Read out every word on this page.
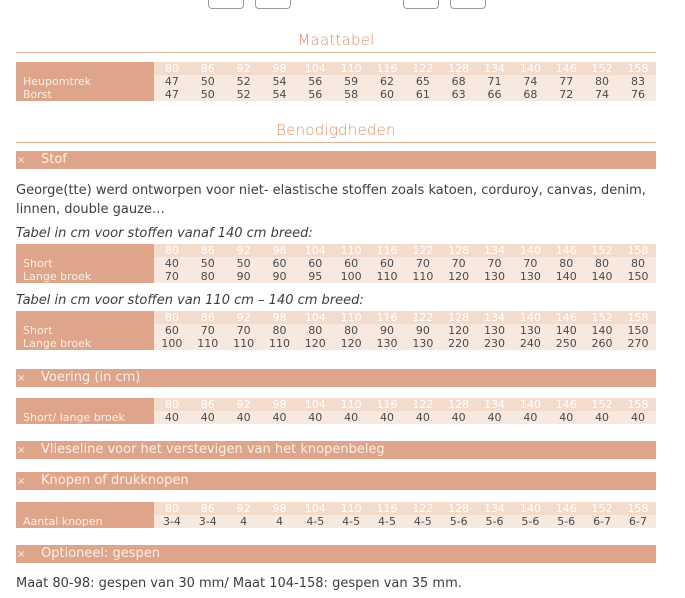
Maattabel
	80	86	92	98	104	110	116	122	128	134	140	146	152	158
Heupomtrek	47	50	52	54	56	59	62	65	68	71	74	77	80	83
Borst	47	50	52	54	56	58	60	61	63	66	68	72	74	76
Benodigdheden
× Stof
George(tte) werd ontworpen voor niet- elastische stoffen zoals katoen, corduroy, canvas, denim, linnen, double gauze…
Tabel in cm voor stoffen vanaf 140 cm breed:
	80	86	92	98	104	110	116	122	128	134	140	146	152	158
Short	40	50	50	60	60	60	60	70	70	70	70	80	80	80
Lange broek	70	80	90	90	95	100	110	110	120	130	130	140	140	150
Tabel in cm voor stoffen van 110 cm – 140 cm breed:
	80	86	92	98	104	110	116	122	128	134	140	146	152	158
Short	60	70	70	80	80	80	90	90	120	130	130	140	140	150
Lange broek	100	110	110	110	120	120	130	130	220	230	240	250	260	270
× Voering (in cm)
	80	86	92	98	104	110	116	122	128	134	140	146	152	158
Short/ lange broek	40	40	40	40	40	40	40	40	40	40	40	40	40	40
× Vlieseline voor het verstevigen van het knopenbeleg
× Knopen of drukknopen
	80	86	92	98	104	110	116	122	128	134	140	146	152	158
Aantal knopen	3-4	3-4	4	4	4-5	4-5	4-5	4-5	5-6	5-6	5-6	5-6	6-7	6-7
× Optioneel: gespen
Maat 80-98: gespen van 30 mm/ Maat 104-158: gespen van 35 mm.
